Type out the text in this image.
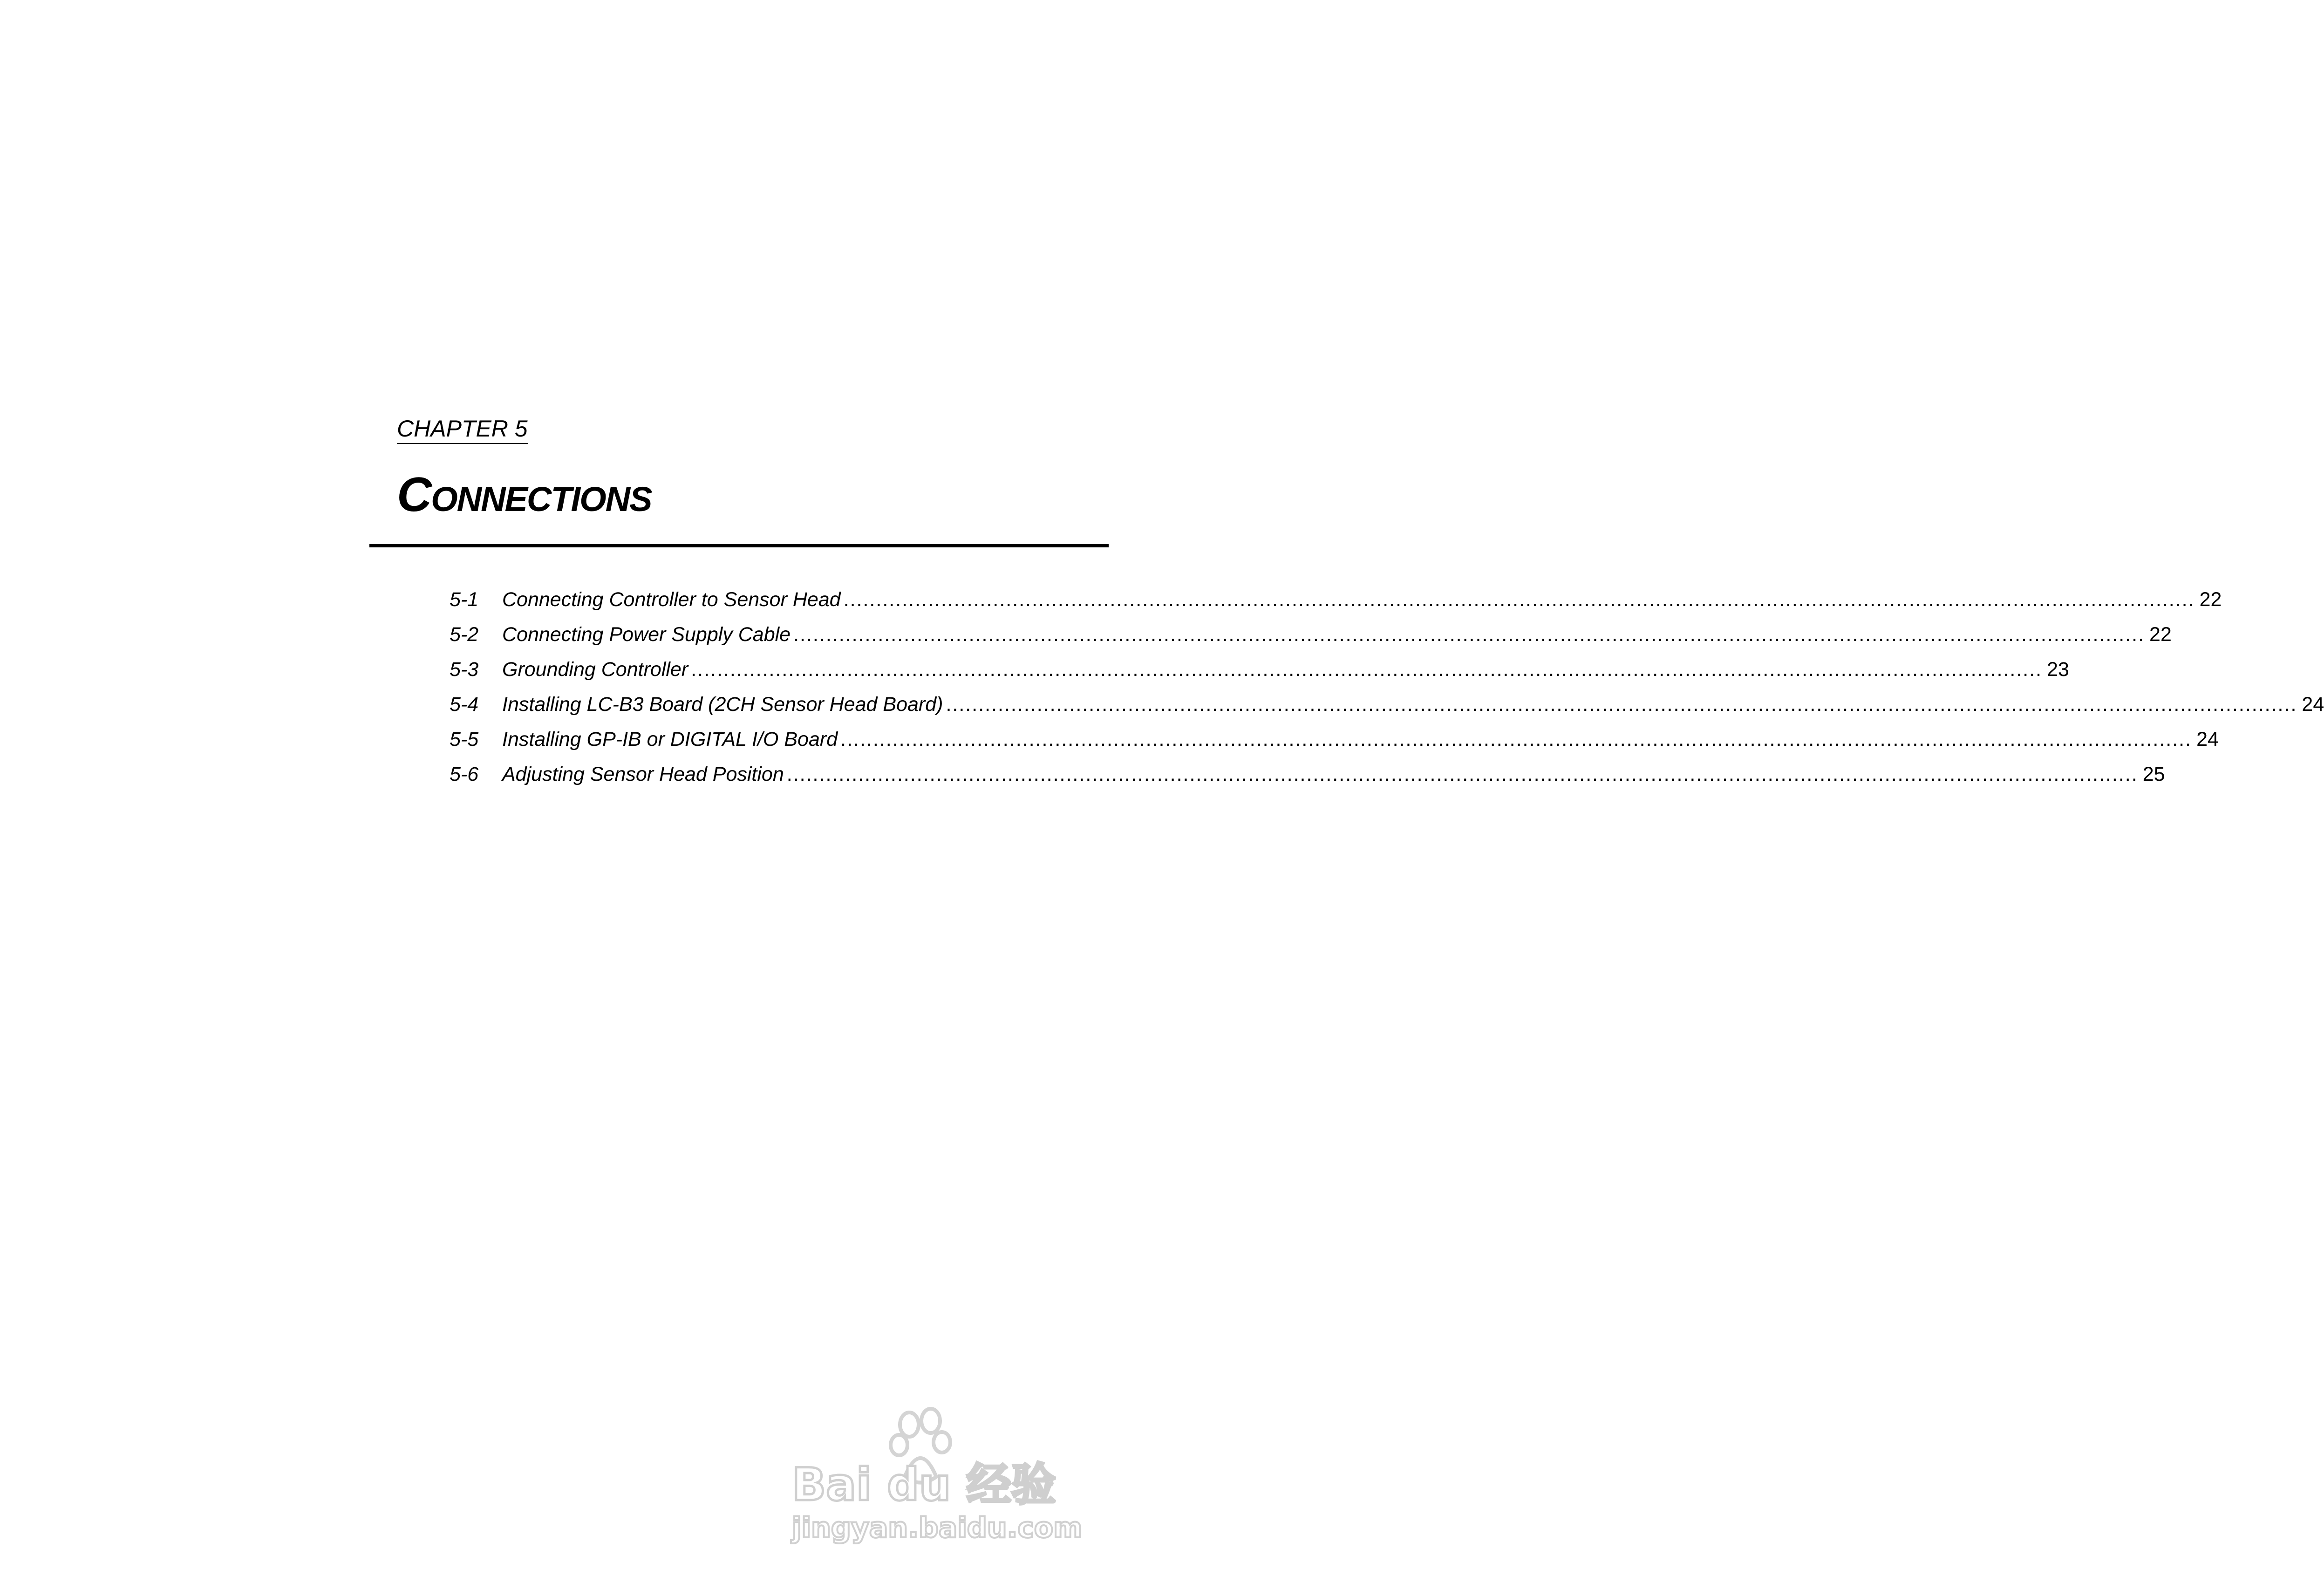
CHAPTER 5
CONNECTIONS
5-1	Connecting Controller to Sensor Head .....	22
5-2	Connecting Power Supply Cable .....	22
5-3	Grounding Controller .....	23
5-4	Installing LC-B3 Board (2CH Sensor Head Board) .....	24
5-5	Installing GP-IB or DIGITAL I/O Board .....	24
5-6	Adjusting Sensor Head Position .....	25
Bai du 经验
jingyan.baidu.com
